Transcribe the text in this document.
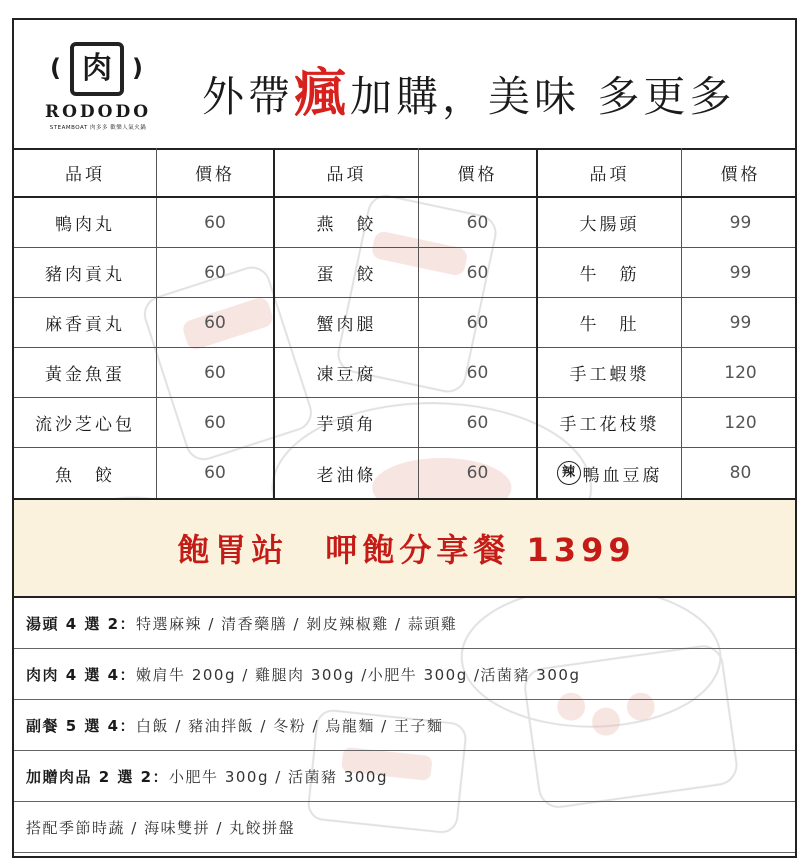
( 肉 )
RODODO
STEAMBOAT 肉多多 歡樂人氣火鍋
外帶瘋加購，美味 多更多
品項	價格
鴨肉丸	60
豬肉貢丸	60
麻香貢丸	60
黃金魚蛋	60
流沙芝心包	60
魚　餃	60
品項	價格
燕　餃	60
蛋　餃	60
蟹肉腿	60
凍豆腐	60
芋頭角	60
老油條	60
品項	價格
大腸頭	99
牛　筋	99
牛　肚	99
手工蝦漿	120
手工花枝漿	120
辣 鴨血豆腐	80
飽胃站　呷飽分享餐 1399
湯頭 4 選 2： 特選麻辣 / 清香藥膳 / 剝皮辣椒雞 / 蒜頭雞
肉肉 4 選 4： 嫩肩牛 200g / 雞腿肉 300g /小肥牛 300g /活菌豬 300g
副餐 5 選 4： 白飯 / 豬油拌飯 / 冬粉 / 烏龍麵 / 王子麵
加贈肉品 2 選 2： 小肥牛 300g / 活菌豬 300g
搭配季節時蔬 / 海味雙拼 / 丸餃拼盤
